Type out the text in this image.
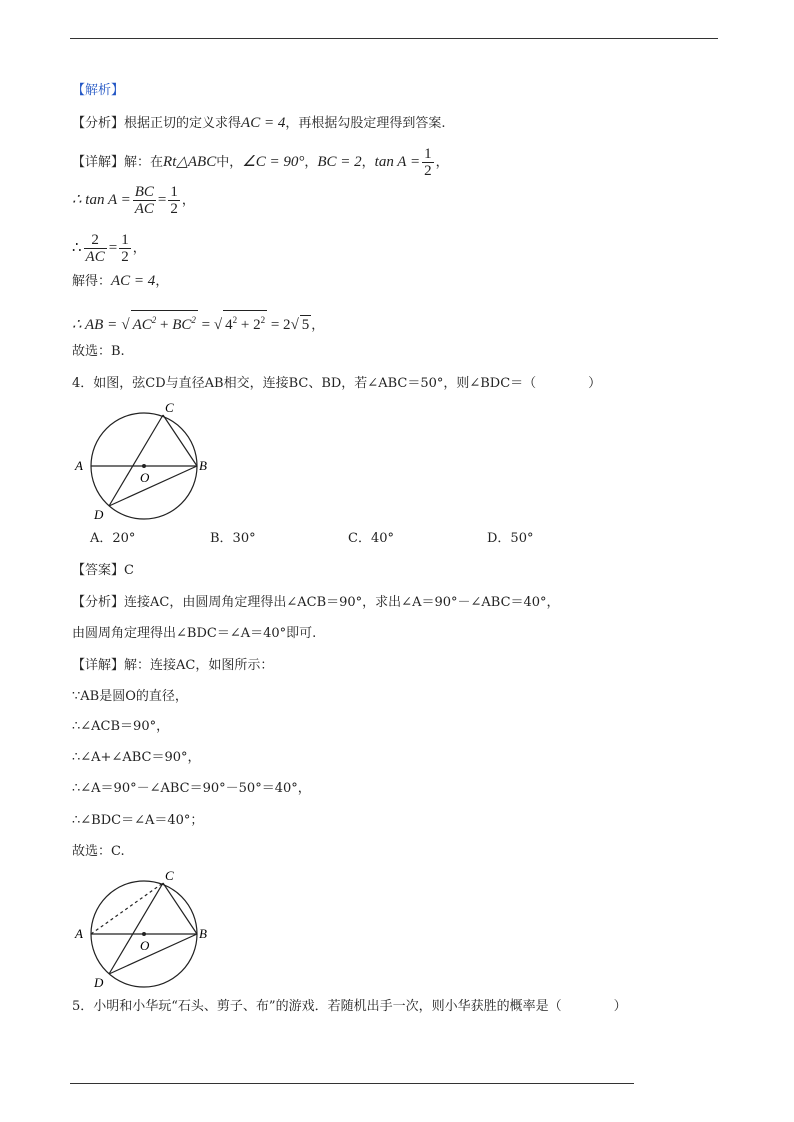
【解析】
【分析】根据正切的定义求得AC = 4，再根据勾股定理得到答案.
【详解】解：在Rt△ABC中，∠C = 90°，BC = 2，$\tan A = \frac{1}{2}$ ，
∴ $\tan A = \frac{BC}{AC} = \frac{1}{2}$ ，
∴ $\frac{2}{AC} = \frac{1}{2}$ ，
解得：AC = 4，
∴ AB = √ $AC^2 + BC^2$ = √ $4^2 + 2^2 = 2√$ 5 ，
故选：B.
4．如图，弦CD与直径AB相交，连接BC、BD，若∠ABC＝50°，则∠BDC＝（　　　　）
A	B
C
D
O
A．20°	B．30°	C．40°	D．50°
【答案】C
【分析】连接AC，由圆周角定理得出∠ACB＝90°，求出∠A＝90°－∠ABC＝40°，
由圆周角定理得出∠BDC＝∠A＝40°即可.
【详解】解：连接AC，如图所示：
∵AB是圆O的直径，
∴∠ACB＝90°，
∴∠A+∠ABC＝90°，
∴∠A＝90°－∠ABC＝90°－50°＝40°，
∴∠BDC＝∠A＝40°；
故选：C.
A	B
C
D
O
5．小明和小华玩“石头、剪子、布”的游戏．若随机出手一次，则小华获胜的概率是（　　　　）
